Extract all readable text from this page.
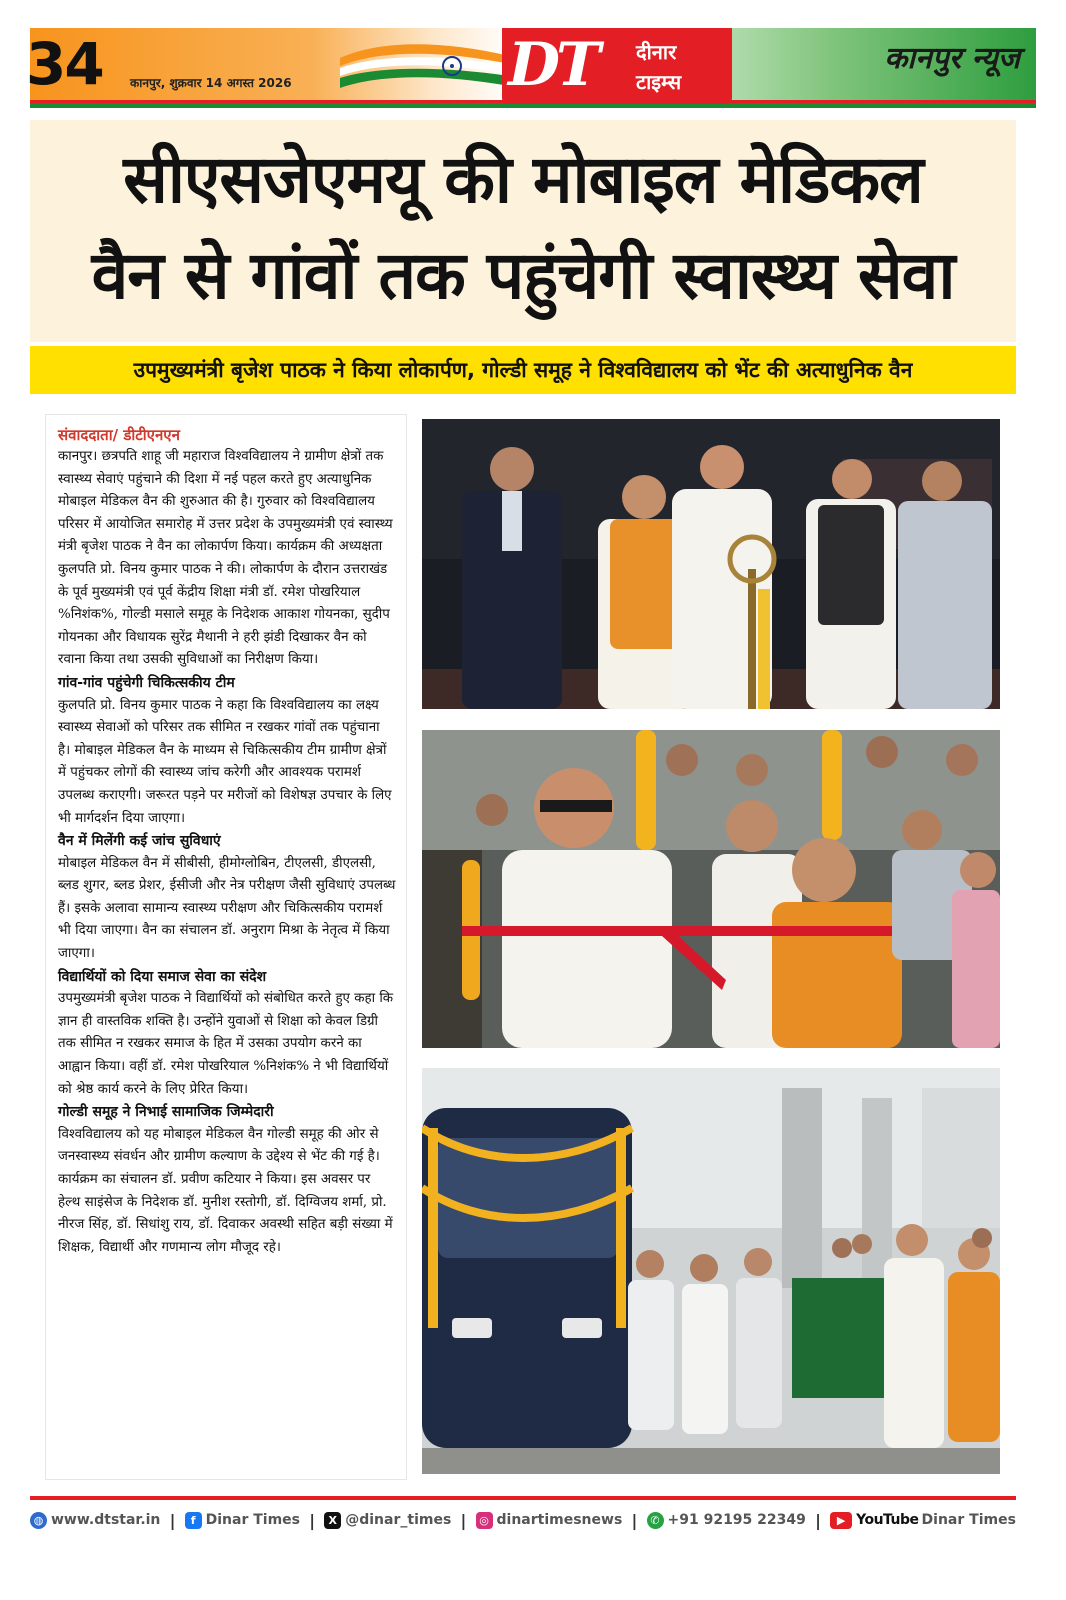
34 कानपुर, शुक्रवार 14 अगस्त 2026	DT दीनार
टाइम्स
कानपुर न्यूज
सीएसजेएमयू की मोबाइल मेडिकल
वैन से गांवों तक पहुंचेगी स्वास्थ्य सेवा
उपमुख्यमंत्री बृजेश पाठक ने किया लोकार्पण, गोल्डी समूह ने विश्वविद्यालय को भेंट की अत्याधुनिक वैन
संवाददाता/ डीटीएनएन

कानपुर। छत्रपति शाहू जी महाराज विश्वविद्यालय ने ग्रामीण क्षेत्रों तक स्वास्थ्य सेवाएं पहुंचाने की दिशा में नई पहल करते हुए अत्याधुनिक मोबाइल मेडिकल वैन की शुरुआत की है। गुरुवार को विश्वविद्यालय परिसर में आयोजित समारोह में उत्तर प्रदेश के उपमुख्यमंत्री एवं स्वास्थ्य मंत्री बृजेश पाठक ने वैन का लोकार्पण किया। कार्यक्रम की अध्यक्षता कुलपति प्रो. विनय कुमार पाठक ने की। लोकार्पण के दौरान उत्तराखंड के पूर्व मुख्यमंत्री एवं पूर्व केंद्रीय शिक्षा मंत्री डॉ. रमेश पोखरियाल %निशंक%, गोल्डी मसाले समूह के निदेशक आकाश गोयनका, सुदीप गोयनका और विधायक सुरेंद्र मैथानी ने हरी झंडी दिखाकर वैन को रवाना किया तथा उसकी सुविधाओं का निरीक्षण किया।

गांव-गांव पहुंचेगी चिकित्सकीय टीम

कुलपति प्रो. विनय कुमार पाठक ने कहा कि विश्वविद्यालय का लक्ष्य स्वास्थ्य सेवाओं को परिसर तक सीमित न रखकर गांवों तक पहुंचाना है। मोबाइल मेडिकल वैन के माध्यम से चिकित्सकीय टीम ग्रामीण क्षेत्रों में पहुंचकर लोगों की स्वास्थ्य जांच करेगी और आवश्यक परामर्श उपलब्ध कराएगी। जरूरत पड़ने पर मरीजों को विशेषज्ञ उपचार के लिए भी मार्गदर्शन दिया जाएगा।

वैन में मिलेंगी कई जांच सुविधाएं

मोबाइल मेडिकल वैन में सीबीसी, हीमोग्लोबिन, टीएलसी, डीएलसी, ब्लड शुगर, ब्लड प्रेशर, ईसीजी और नेत्र परीक्षण जैसी सुविधाएं उपलब्ध हैं। इसके अलावा सामान्य स्वास्थ्य परीक्षण और चिकित्सकीय परामर्श भी दिया जाएगा। वैन का संचालन डॉ. अनुराग मिश्रा के नेतृत्व में किया जाएगा।

विद्यार्थियों को दिया समाज सेवा का संदेश

उपमुख्यमंत्री बृजेश पाठक ने विद्यार्थियों को संबोधित करते हुए कहा कि ज्ञान ही वास्तविक शक्ति है। उन्होंने युवाओं से शिक्षा को केवल डिग्री तक सीमित न रखकर समाज के हित में उसका उपयोग करने का आह्वान किया। वहीं डॉ. रमेश पोखरियाल %निशंक% ने भी विद्यार्थियों को श्रेष्ठ कार्य करने के लिए प्रेरित किया।

गोल्डी समूह ने निभाई सामाजिक जिम्मेदारी

विश्वविद्यालय को यह मोबाइल मेडिकल वैन गोल्डी समूह की ओर से जनस्वास्थ्य संवर्धन और ग्रामीण कल्याण के उद्देश्य से भेंट की गई है। कार्यक्रम का संचालन डॉ. प्रवीण कटियार ने किया। इस अवसर पर हेल्थ साइंसेज के निदेशक डॉ. मुनीश रस्तोगी, डॉ. दिग्विजय शर्मा, प्रो. नीरज सिंह, डॉ. सिधांशु राय, डॉ. दिवाकर अवस्थी सहित बड़ी संख्या में शिक्षक, विद्यार्थी और गणमान्य लोग मौजूद रहे।

◍ www.dtstar.in |	f Dinar Times |	X @dinar_times |	◎ dinartimesnews |	✆ +91 92195 22349 |	▶ YouTube Dinar Times
